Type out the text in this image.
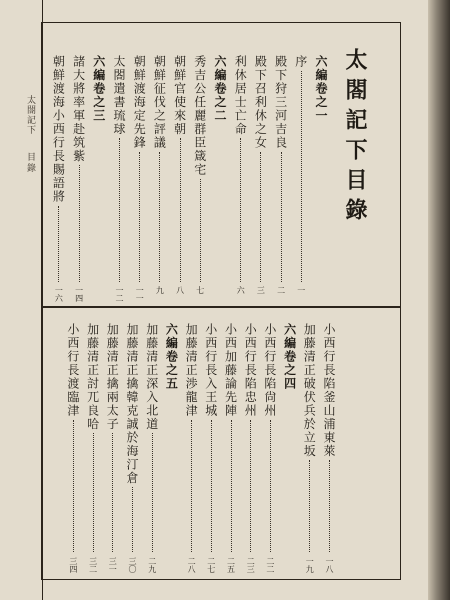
太閤記下
目錄	太閤記下目錄
六編卷之一
序
一
殿下狩三河吉良
二
殿下召利休之女
三
利休居士亡命
六
六編卷之二
秀吉公任麗群臣箴宅
七
朝鮮官使來朝
八
朝鮮征伐之評議
九
朝鮮渡海定先鋒
一一
太閤遣書琉球
一二
六編卷之三
諸大將率軍赴筑紫
一四
朝鮮渡海小西行長賜語將
一六
小西行長陷釜山浦東萊
一八
加藤清正破伏兵於立坂
一九
六編卷之四
小西行長陷尙州
二二
小西行長陷忠州
二三
小西加藤論先陣
二五
小西行長入王城
二七
加藤清正渉龍津
二八
六編卷之五
加藤清正深入北道
二九
加藤清正擒韓克誠於海汀倉
三〇
加藤清正擒兩太子
三一
加藤清正討兀良哈
三二
小西行長渡臨津
三四
